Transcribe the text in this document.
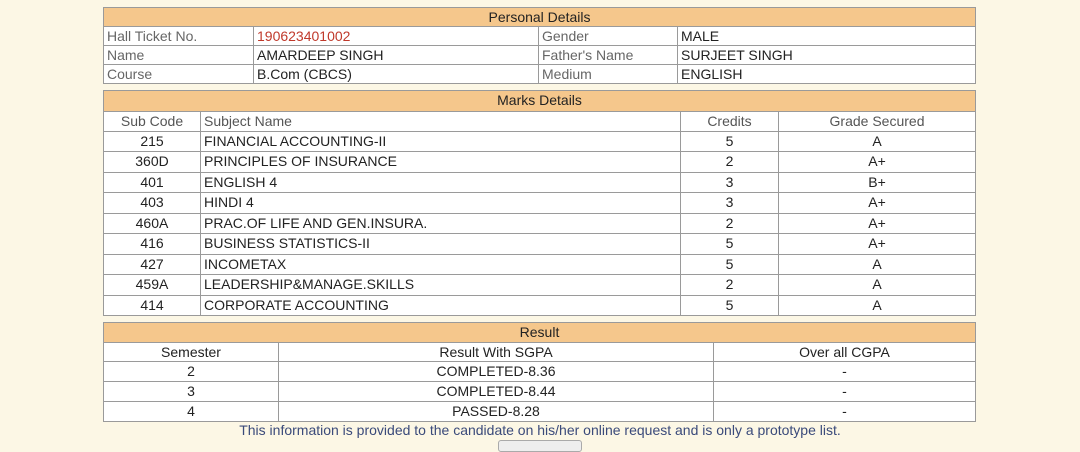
Personal Details			
Hall Ticket No.	190623401002	Gender	MALE
Name	AMARDEEP SINGH	Father's Name	SURJEET SINGH
Course	B.Com (CBCS)	Medium	ENGLISH
Marks Details			
Sub Code	Subject Name	Credits	Grade Secured
215	FINANCIAL ACCOUNTING-II	5	A
360D	PRINCIPLES OF INSURANCE	2	A+
401	ENGLISH 4	3	B+
403	HINDI 4	3	A+
460A	PRAC.OF LIFE AND GEN.INSURA.	2	A+
416	BUSINESS STATISTICS-II	5	A+
427	INCOMETAX	5	A
459A	LEADERSHIP&MANAGE.SKILLS	2	A
414	CORPORATE ACCOUNTING	5	A
Result		
Semester	Result With SGPA	Over all CGPA
2	COMPLETED-8.36	-
3	COMPLETED-8.44	-
4	PASSED-8.28	-
This information is provided to the candidate on his/her online request and is only a prototype list.
